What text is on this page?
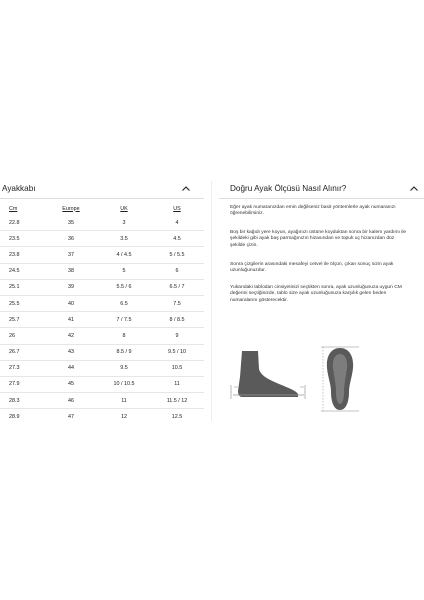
Ayakkabı
Cm	Europe	UK	US
22.8	35	3	4
23.5	36	3.5	4.5
23.8	37	4 / 4.5	5 / 5.5
24.5	38	5	6
25.1	39	5.5 / 6	6.5 / 7
25.5	40	6.5	7.5
25.7	41	7 / 7.5	8 / 8.5
26	42	8	9
26.7	43	8.5 / 9	9.5 / 10
27.3	44	9.5	10.5
27.9	45	10 / 10.5	11
28.3	46	11	11.5 / 12
28.9	47	12	12.5
Doğru Ayak Ölçüsü Nasıl Alınır?

Eğer ayak numaranızdan emin değilseniz basit yöntemlerle ayak numaranızı öğrenebilirsiniz.

Boş bir kağıdı yere koyun, ayağınızı üstüne koyduktan sonra bir kalem yardımı ile şekildeki gibi ayak baş parmağınızın hizasından ve topuk uç hizanızdan düz şekilde çizin.

Sonra çizgilerin arasındaki mesafeyi cetvel ile ölçün, çıkan sonuç sizin ayak uzunluğunuzdur.

Yukarıdaki tablodan cinsiyetinizi seçtikten sonra, ayak uzunluğunuza uygun CM değerini seçtiğinizde, tablo size ayak uzunluğunuza karşılık gelen beden numaralarını gösterecektir.
